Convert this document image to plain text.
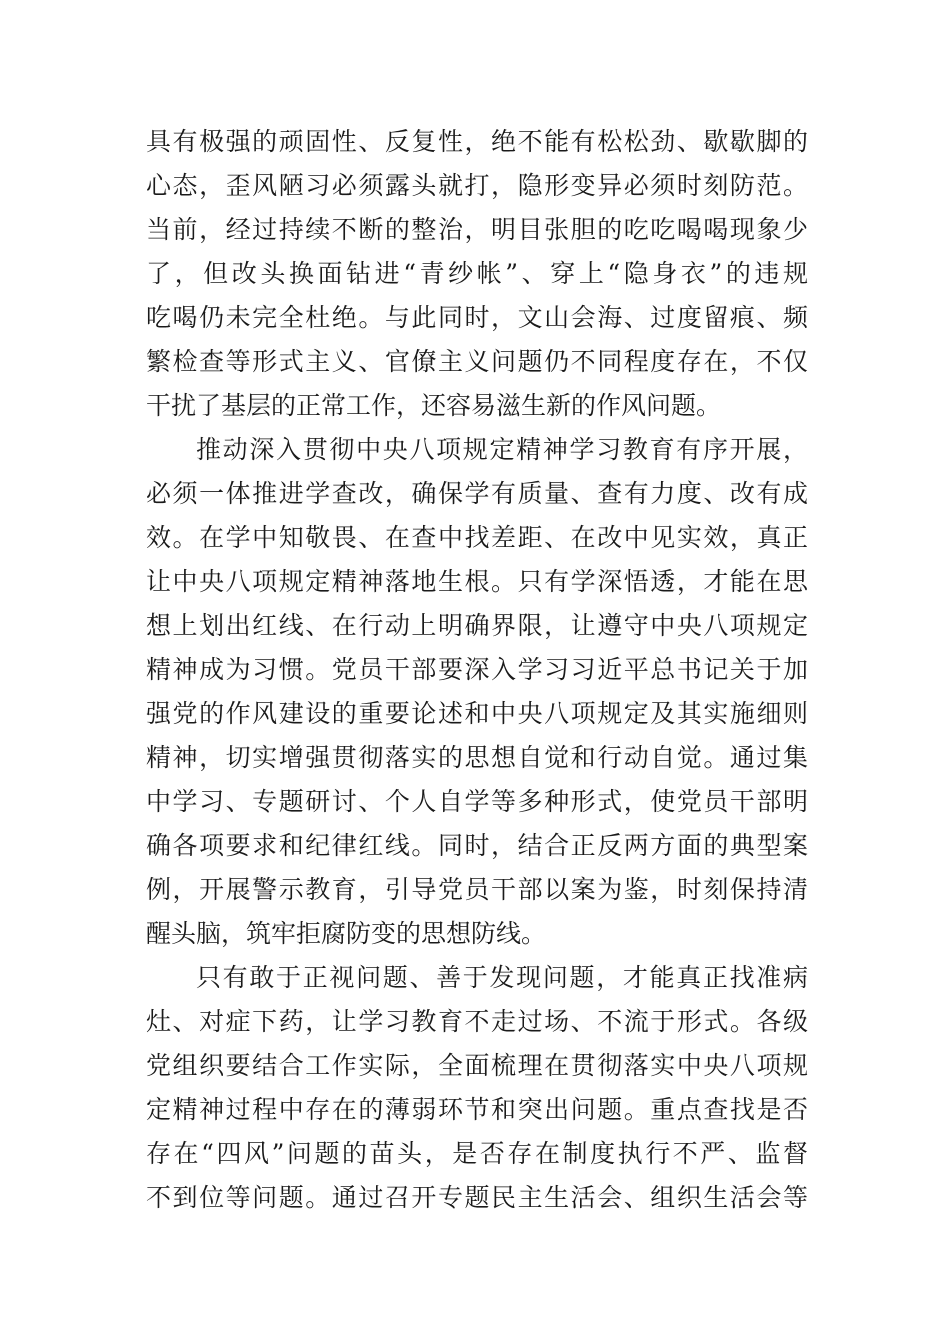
具有极强的顽固性、反复性，绝不能有松松劲、歇歇脚的
心态，歪风陋习必须露头就打，隐形变异必须时刻防范。
当前，经过持续不断的整治，明目张胆的吃吃喝喝现象少
了，但改头换面钻进“青纱帐”、穿上“隐身衣”的违规
吃喝仍未完全杜绝。与此同时，文山会海、过度留痕、频
繁检查等形式主义、官僚主义问题仍不同程度存在，不仅
干扰了基层的正常工作，还容易滋生新的作风问题。
推动深入贯彻中央八项规定精神学习教育有序开展，
必须一体推进学查改，确保学有质量、查有力度、改有成
效。在学中知敬畏、在查中找差距、在改中见实效，真正
让中央八项规定精神落地生根。只有学深悟透，才能在思
想上划出红线、在行动上明确界限，让遵守中央八项规定
精神成为习惯。党员干部要深入学习习近平总书记关于加
强党的作风建设的重要论述和中央八项规定及其实施细则
精神，切实增强贯彻落实的思想自觉和行动自觉。通过集
中学习、专题研讨、个人自学等多种形式，使党员干部明
确各项要求和纪律红线。同时，结合正反两方面的典型案
例，开展警示教育，引导党员干部以案为鉴，时刻保持清
醒头脑，筑牢拒腐防变的思想防线。
只有敢于正视问题、善于发现问题，才能真正找准病
灶、对症下药，让学习教育不走过场、不流于形式。各级
党组织要结合工作实际，全面梳理在贯彻落实中央八项规
定精神过程中存在的薄弱环节和突出问题。重点查找是否
存在“四风”问题的苗头，是否存在制度执行不严、监督
不到位等问题。通过召开专题民主生活会、组织生活会等
